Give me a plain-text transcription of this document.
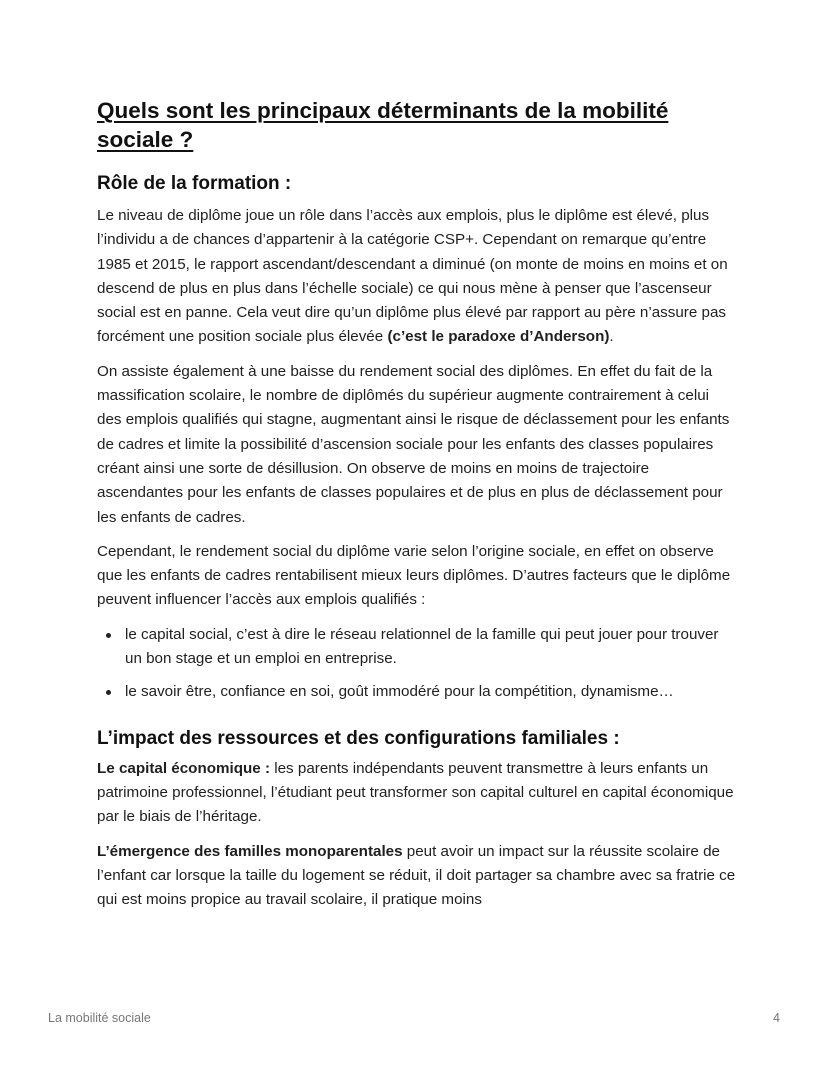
Quels sont les principaux déterminants de la mobilité sociale ?
Rôle de la formation :

Le niveau de diplôme joue un rôle dans l’accès aux emplois, plus le diplôme est élevé, plus l’individu a de chances d’appartenir à la catégorie CSP+. Cependant on remarque qu’entre 1985 et 2015, le rapport ascendant/descendant a diminué (on monte de moins en moins et on descend de plus en plus dans l’échelle sociale) ce qui nous mène à penser que l’ascenseur social est en panne. Cela veut dire qu’un diplôme plus élevé par rapport au père n’assure pas forcément une position sociale plus élevée (c’est le paradoxe d’Anderson).

On assiste également à une baisse du rendement social des diplômes. En effet du fait de la massification scolaire, le nombre de diplômés du supérieur augmente contrairement à celui des emplois qualifiés qui stagne, augmentant ainsi le risque de déclassement pour les enfants de cadres et limite la possibilité d’ascension sociale pour les enfants des classes populaires créant ainsi une sorte de désillusion. On observe de moins en moins de trajectoire ascendantes pour les enfants de classes populaires et de plus en plus de déclassement pour les enfants de cadres.

Cependant, le rendement social du diplôme varie selon l’origine sociale, en effet on observe que les enfants de cadres rentabilisent mieux leurs diplômes. D’autres facteurs que le diplôme peuvent influencer l’accès aux emplois qualifiés :

le capital social, c’est à dire le réseau relationnel de la famille qui peut jouer pour trouver un bon stage et un emploi en entreprise.
le savoir être, confiance en soi, goût immodéré pour la compétition, dynamisme…
L’impact des ressources et des configurations familiales :

Le capital économique : les parents indépendants peuvent transmettre à leurs enfants un patrimoine professionnel, l’étudiant peut transformer son capital culturel en capital économique par le biais de l’héritage.

L’émergence des familles monoparentales peut avoir un impact sur la réussite scolaire de l’enfant car lorsque la taille du logement se réduit, il doit partager sa chambre avec sa fratrie ce qui est moins propice au travail scolaire, il pratique moins

La mobilité sociale	4
